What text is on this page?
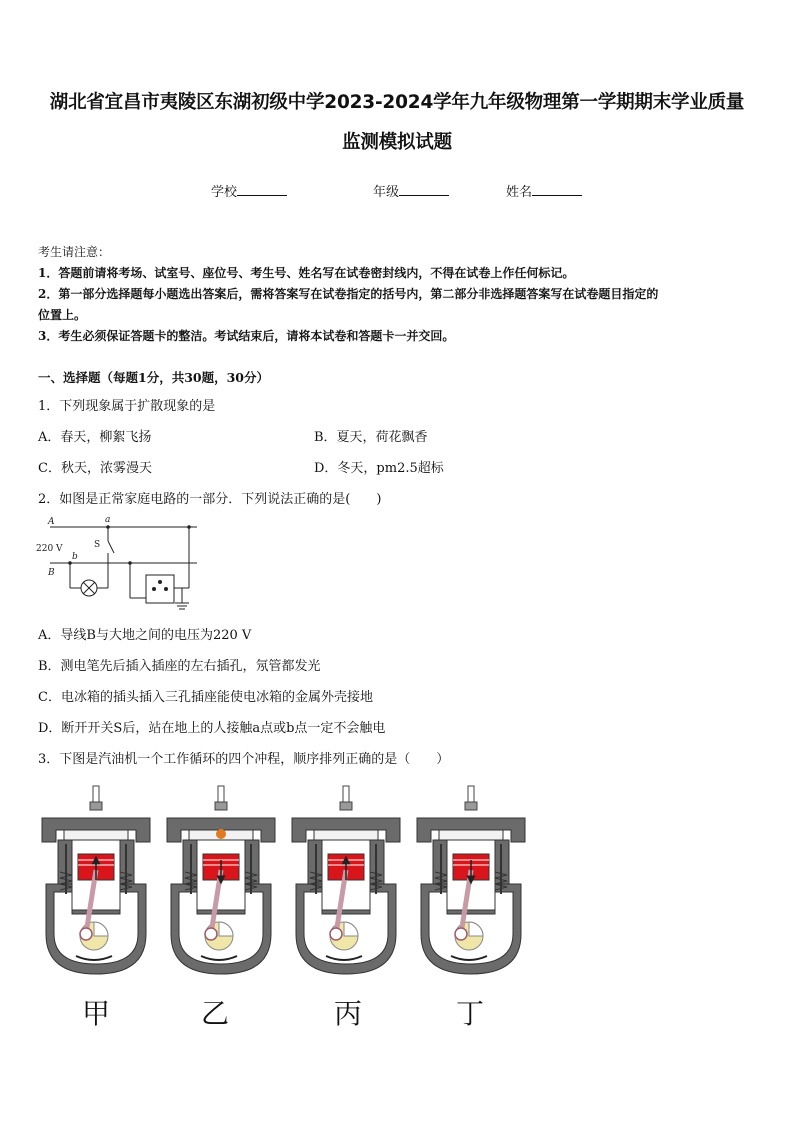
湖北省宜昌市夷陵区东湖初级中学2023-2024学年九年级物理第一学期期末学业质量
监测模拟试题
学校	年级	姓名
考生请注意：
1．答题前请将考场、试室号、座位号、考生号、姓名写在试卷密封线内，不得在试卷上作任何标记。
2．第一部分选择题每小题选出答案后，需将答案写在试卷指定的括号内，第二部分非选择题答案写在试卷题目指定的
位置上。
3．考生必须保证答题卡的整洁。考试结束后，请将本试卷和答题卡一并交回。
一、选择题（每题1分，共30题，30分）
1．下列现象属于扩散现象的是
A．春天，柳絮飞扬	B．夏天，荷花飘香
C．秋天，浓雾漫天	D．冬天，pm2.5超标
2．如图是正常家庭电路的一部分．下列说法正确的是(　　)
A	a
S
220 V
B
b
A．导线B与大地之间的电压为220 V
B．测电笔先后插入插座的左右插孔，氖管都发光
C．电冰箱的插头插入三孔插座能使电冰箱的金属外壳接地
D．断开开关S后，站在地上的人接触a点或b点一定不会触电
3．下图是汽油机一个工作循环的四个冲程，顺序排列正确的是（　　）
甲	乙	丙	丁
